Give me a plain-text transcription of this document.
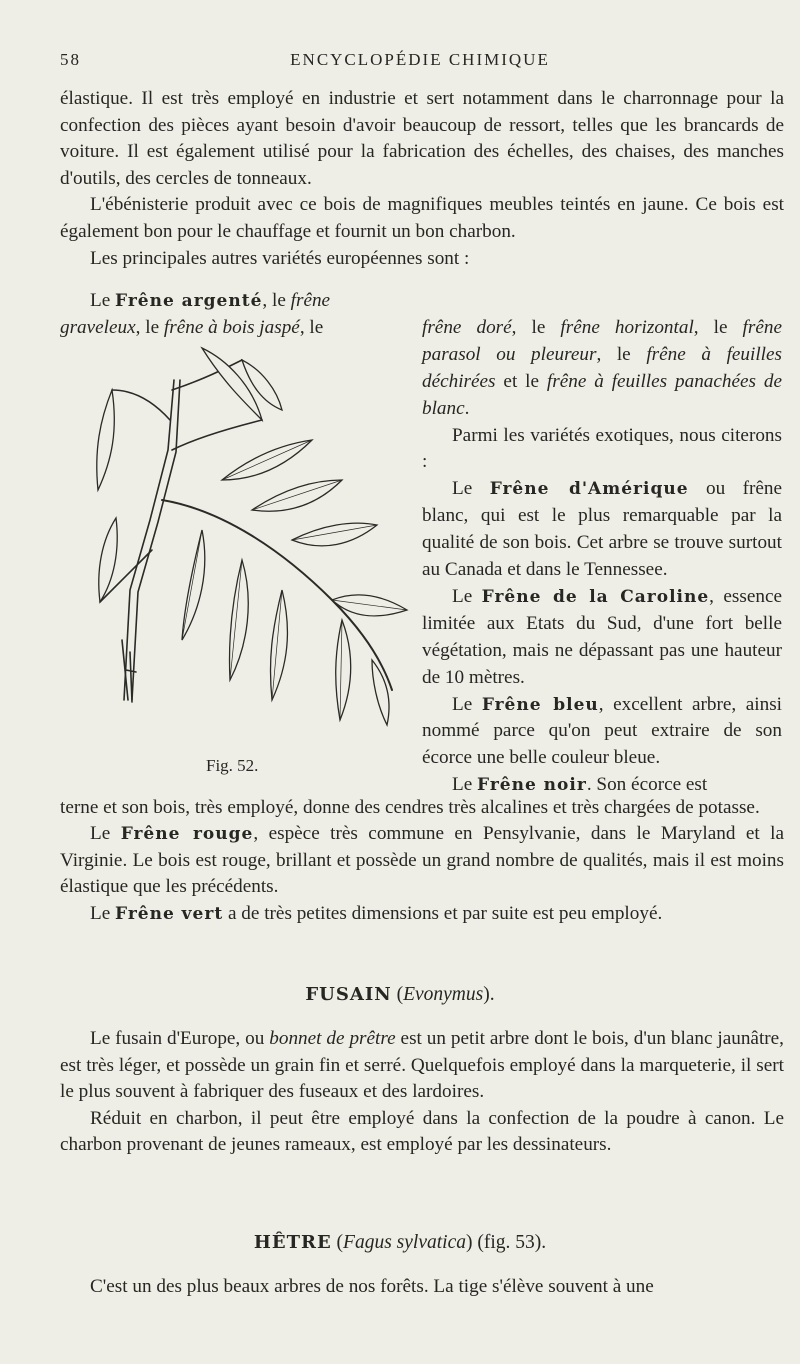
58	ENCYCLOPÉDIE CHIMIQUE

élastique. Il est très employé en industrie et sert notamment dans le charronnage pour la confection des pièces ayant besoin d'avoir beaucoup de ressort, telles que les brancards de voiture. Il est également utilisé pour la fabrication des échelles, des chaises, des manches d'outils, des cercles de tonneaux.

L'ébénisterie produit avec ce bois de magnifiques meubles teintés en jaune. Ce bois est également bon pour le chauffage et fournit un bon charbon.

Les principales autres variétés européennes sont :

Le Frêne argenté, le frêne graveleux, le frêne à bois jaspé, le	frêne doré, le frêne horizontal, le frêne parasol ou pleureur, le frêne à feuilles déchirées et le frêne à feuilles panachées de blanc.

Parmi les variétés exotiques, nous citerons :

Le Frêne d'Amérique ou frêne blanc, qui est le plus remarquable par la qualité de son bois. Cet arbre se trouve surtout au Canada et dans le Tennessee.

Le Frêne de la Caroline, essence limitée aux Etats du Sud, d'une fort belle végétation, mais ne dépassant pas une hauteur de 10 mètres.

Le Frêne bleu, excellent arbre, ainsi nommé parce qu'on peut extraire de son écorce une belle couleur bleue.

Le Frêne noir. Son écorce est

Fig. 52.

terne et son bois, très employé, donne des cendres très alcalines et très chargées de potasse.

Le Frêne rouge, espèce très commune en Pensylvanie, dans le Maryland et la Virginie. Le bois est rouge, brillant et possède un grand nombre de qualités, mais il est moins élastique que les précédents.

Le Frêne vert a de très petites dimensions et par suite est peu employé.

FUSAIN (Evonymus).

Le fusain d'Europe, ou bonnet de prêtre est un petit arbre dont le bois, d'un blanc jaunâtre, est très léger, et possède un grain fin et serré. Quelquefois employé dans la marqueterie, il sert le plus souvent à fabriquer des fuseaux et des lardoires.

Réduit en charbon, il peut être employé dans la confection de la poudre à canon. Le charbon provenant de jeunes rameaux, est employé par les dessinateurs.

HÊTRE (Fagus sylvatica) (fig. 53).

C'est un des plus beaux arbres de nos forêts. La tige s'élève souvent à une
